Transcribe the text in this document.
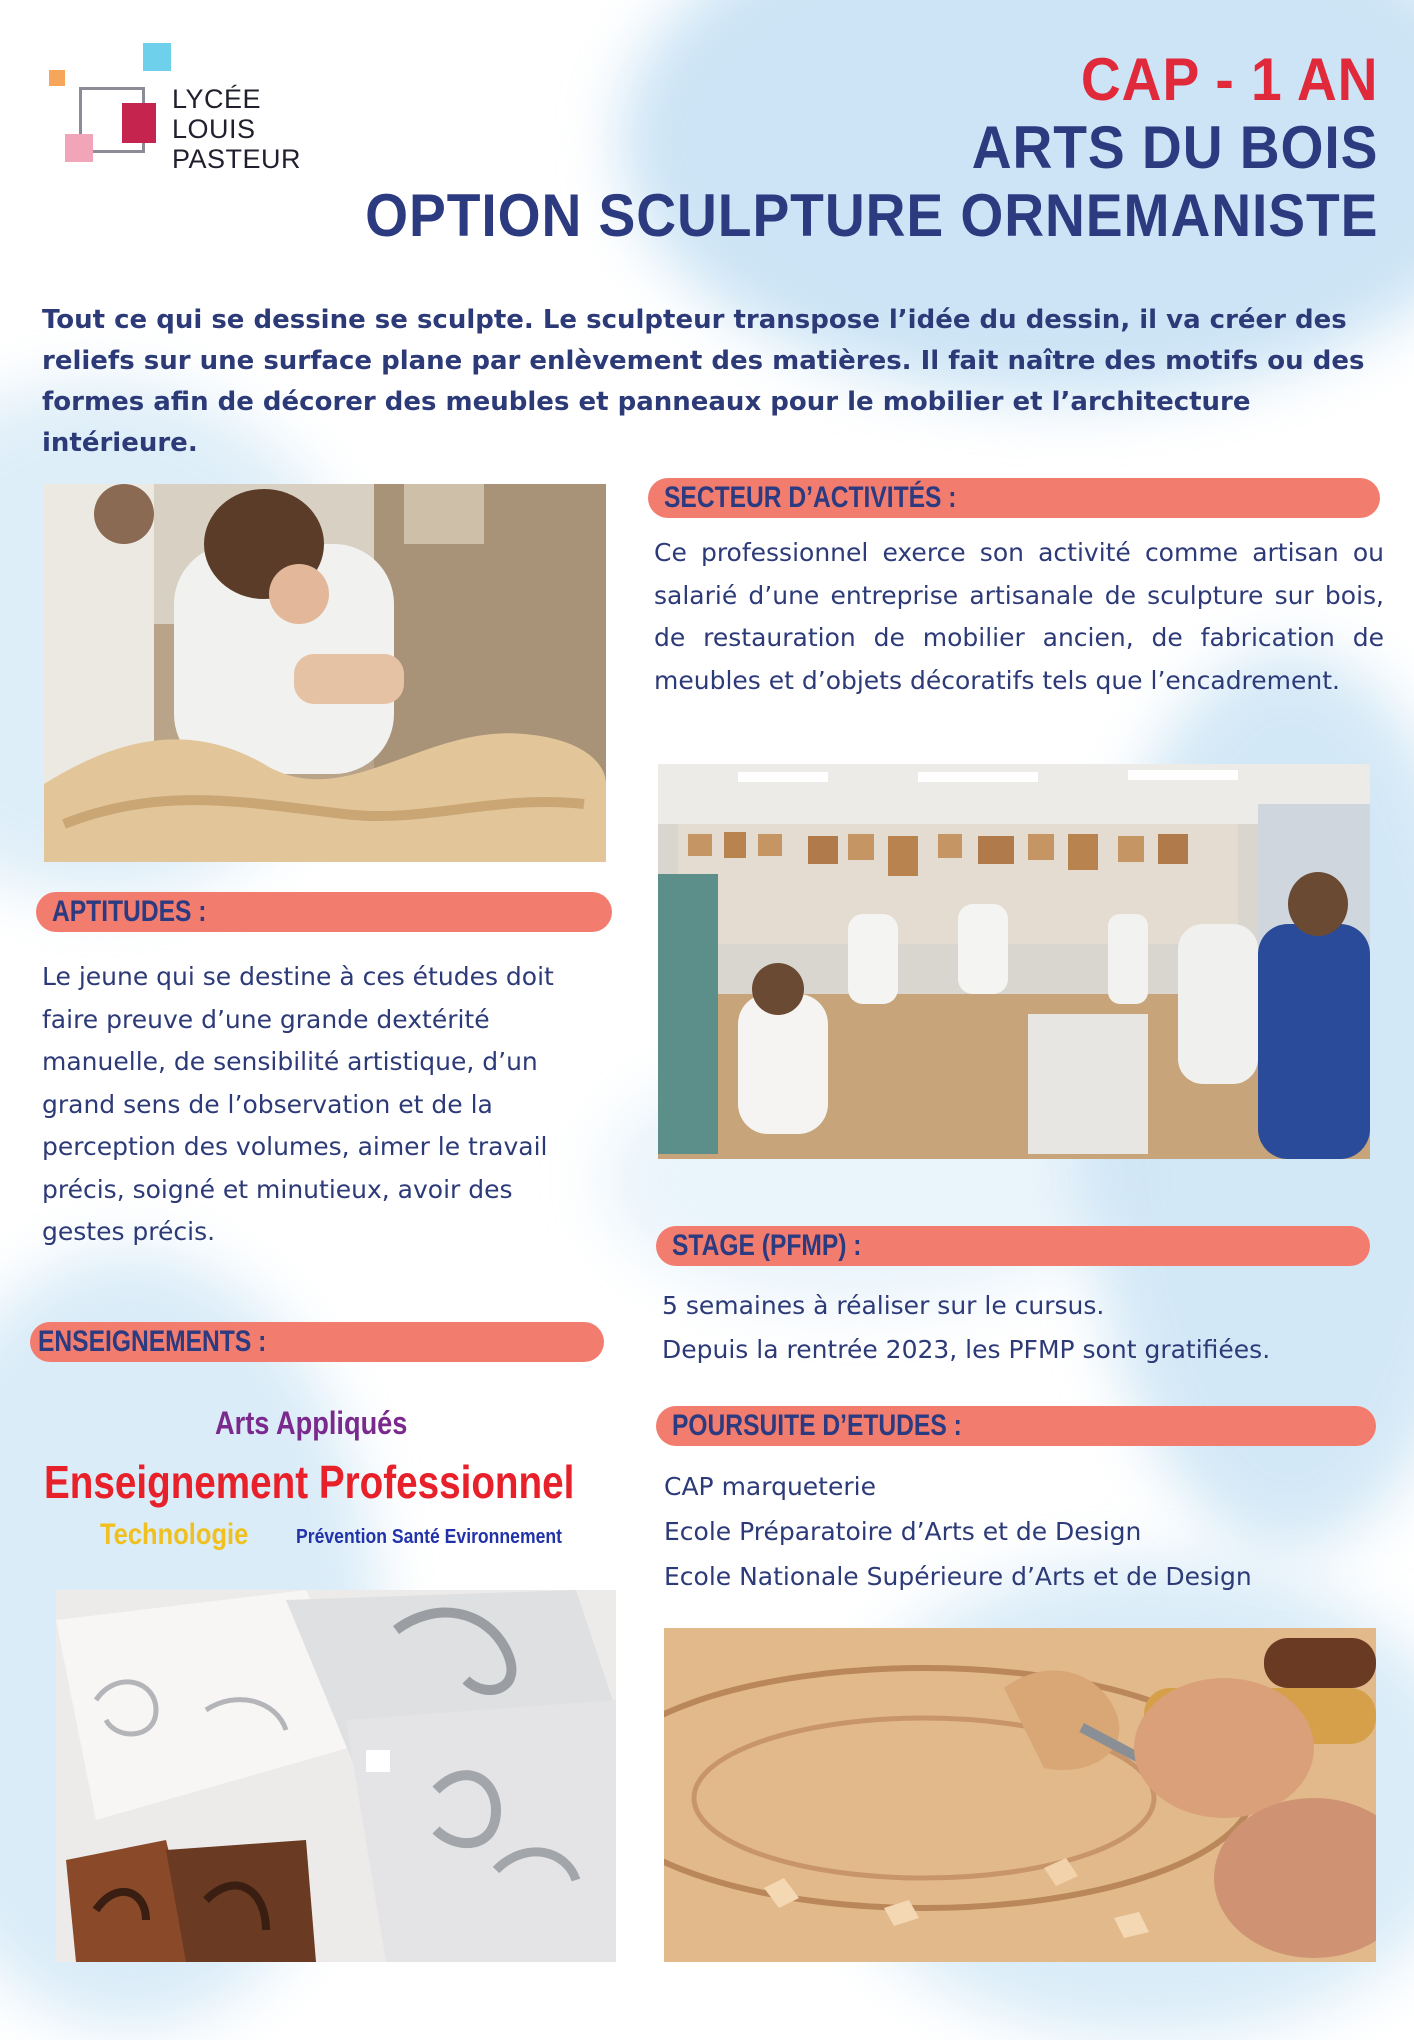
LYCÉE
LOUIS
PASTEUR
CAP - 1 AN
ARTS DU BOIS
OPTION SCULPTURE ORNEMANISTE

Tout ce qui se dessine se sculpte. Le sculpteur transpose l’idée du dessin, il va créer des reliefs sur une surface plane par enlèvement des matières. Il fait naître des motifs ou des formes afin de décorer des meubles et panneaux pour le mobilier et l’architecture intérieure.

SECTEUR D’ACTIVITÉS :

Ce professionnel exerce son activité comme artisan ou salarié d’une entreprise artisanale de sculpture sur bois, de restauration de mobilier ancien, de fabrication de meubles et d’objets décoratifs tels que l’encadrement.

APTITUDES :
Le jeune qui se destine à ces études doit
faire preuve d’une grande dextérité
manuelle, de sensibilité artistique, d’un
grand sens de l’observation et de la
perception des volumes, aimer le travail
précis, soigné et minutieux, avoir des
gestes précis.	STAGE (PFMP) :
5 semaines à réaliser sur le cursus.
Depuis la rentrée 2023, les PFMP sont gratifiées.
ENSEIGNEMENTS :
Arts Appliqués
Enseignement Professionnel
Technologie Prévention Santé Evironnement
POURSUITE D’ETUDES :
CAP marqueterie
Ecole Préparatoire d’Arts et de Design
Ecole Nationale Supérieure d’Arts et de Design
